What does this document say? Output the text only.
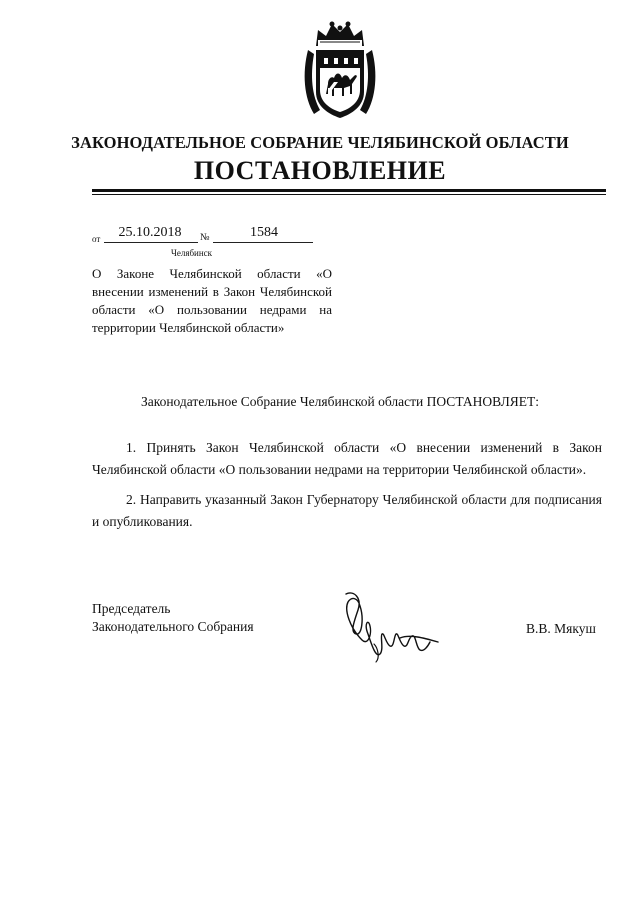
ЗАКОНОДАТЕЛЬНОЕ СОБРАНИЕ ЧЕЛЯБИНСКОЙ ОБЛАСТИ
ПОСТАНОВЛЕНИЕ
от	25.10.2018	№	1584
Челябинск
О Законе Челябинской области «О внесении изменений в Закон Челябинской области «О пользовании недрами на территории Челябинской области»
Законодательное Собрание Челябинской области ПОСТАНОВЛЯЕТ:
1. Принять Закон Челябинской области «О внесении изменений в Закон Челябинской области «О пользовании недрами на территории Челябинской области».
2. Направить указанный Закон Губернатору Челябинской области для подписания и опубликования.
Председатель
Законодательного Собрания	В.В. Мякуш
